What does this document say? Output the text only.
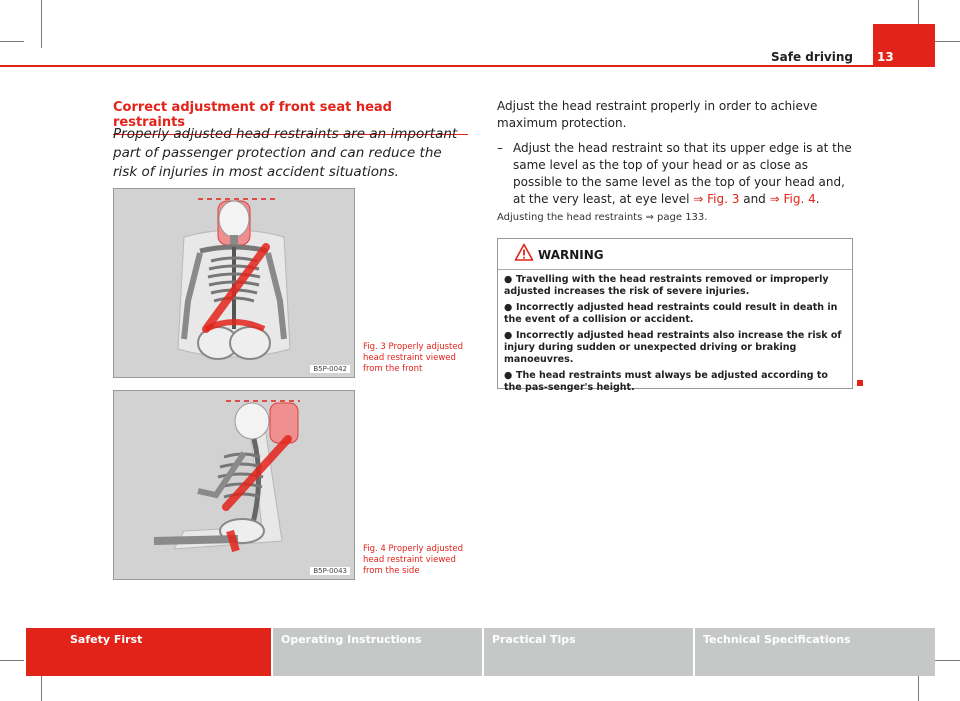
Safe driving 13
Correct adjustment of front seat head restraints
Properly adjusted head restraints are an important part of passenger protection and can reduce the risk of injuries in most accident situations.
B5P-0042
Fig. 3 Properly adjusted head restraint viewed from the front
B5P-0043
Fig. 4 Properly adjusted head restraint viewed from the side
Adjust the head restraint properly in order to achieve maximum protection.
– Adjust the head restraint so that its upper edge is at the same level as the top of your head or as close as possible to the same level as the top of your head and, at the very least, at eye level ⇒ Fig. 3 and ⇒ Fig. 4.
Adjusting the head restraints ⇒ page 133.
WARNING
● Travelling with the head restraints removed or improperly adjusted increases the risk of severe injuries.
● Incorrectly adjusted head restraints could result in death in the event of a collision or accident.
● Incorrectly adjusted head restraints also increase the risk of injury during sudden or unexpected driving or braking manoeuvres.
● The head restraints must always be adjusted according to the pas-senger's height.
Safety First	Operating Instructions	Practical Tips	Technical Specifications
